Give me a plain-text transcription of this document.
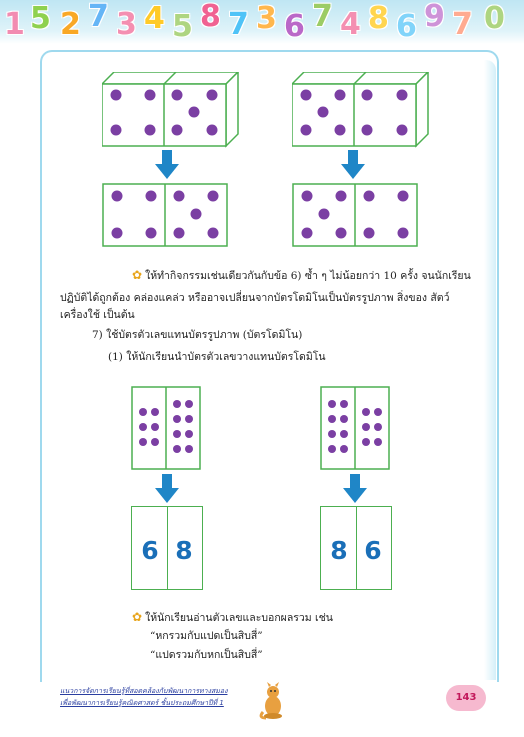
1 5 2 7 3 4 5 8 7 3 6 7 4 8 6 9 7 0
✿ ให้ทำกิจกรรมเช่นเดียวกันกับข้อ 6) ซ้ำ ๆ ไม่น้อยกว่า 10 ครั้ง จนนักเรียน
ปฏิบัติได้ถูกต้อง คล่องแคล่ว หรืออาจเปลี่ยนจากบัตรโดมิโนเป็นบัตรรูปภาพ สิ่งของ สัตว์
เครื่องใช้ เป็นต้น
7) ใช้บัตรตัวเลขแทนบัตรรูปภาพ (บัตรโดมิโน)
(1) ให้นักเรียนนำบัตรตัวเลขวางแทนบัตรโดมิโน
6 8	8 6
✿ ให้นักเรียนอ่านตัวเลขและบอกผลรวม เช่น
“หกรวมกับแปดเป็นสิบสี่”
“แปดรวมกับหกเป็นสิบสี่”
แนวการจัดการเรียนรู้ที่สอดคล้องกับพัฒนาการทางสมอง
เพื่อพัฒนาการเรียนรู้คณิตศาสตร์ ชั้นประถมศึกษาปีที่ 1	143
